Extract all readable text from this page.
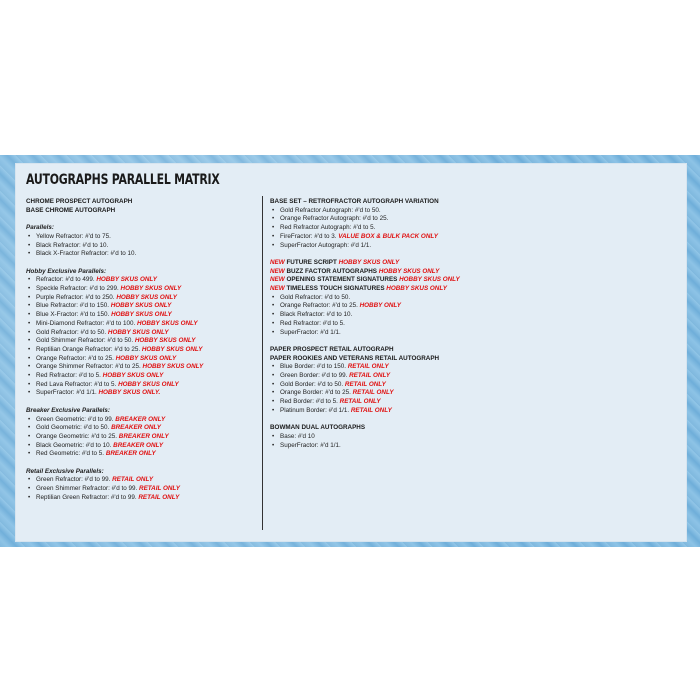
AUTOGRAPHS PARALLEL MATRIX
CHROME PROSPECT AUTOGRAPH
BASE CHROME AUTOGRAPH
Parallels:
• Yellow Refractor: #'d to 75.
• Black Refractor: #'d to 10.
• Black X-Fractor Refractor: #'d to 10.
Hobby Exclusive Parallels:
• Refractor: #'d to 499. HOBBY SKUS ONLY
• Speckle Refractor: #'d to 299. HOBBY SKUS ONLY
• Purple Refractor: #'d to 250. HOBBY SKUS ONLY
• Blue Refractor: #'d to 150. HOBBY SKUS ONLY
• Blue X-Fractor: #'d to 150. HOBBY SKUS ONLY
• Mini-Diamond Refractor: #'d to 100. HOBBY SKUS ONLY
• Gold Refractor: #'d to 50. HOBBY SKUS ONLY
• Gold Shimmer Refractor: #'d to 50. HOBBY SKUS ONLY
• Reptilian Orange Refractor: #'d to 25. HOBBY SKUS ONLY
• Orange Refractor: #'d to 25. HOBBY SKUS ONLY
• Orange Shimmer Refractor: #'d to 25. HOBBY SKUS ONLY
• Red Refractor: #'d to 5. HOBBY SKUS ONLY
• Red Lava Refractor: #'d to 5. HOBBY SKUS ONLY
• SuperFractor: #'d 1/1. HOBBY SKUS ONLY.
Breaker Exclusive Parallels:
• Green Geometric: #'d to 99. BREAKER ONLY
• Gold Geometric: #'d to 50. BREAKER ONLY
• Orange Geometric: #'d to 25. BREAKER ONLY
• Black Geometric: #'d to 10. BREAKER ONLY
• Red Geometric: #'d to 5. BREAKER ONLY
Retail Exclusive Parallels:
• Green Refractor: #'d to 99. RETAIL ONLY
• Green Shimmer Refractor: #'d to 99. RETAIL ONLY
• Reptilian Green Refractor: #'d to 99. RETAIL ONLY
BASE SET – RETROFRACTOR AUTOGRAPH VARIATION
• Gold Refractor Autograph: #'d to 50.
• Orange Refractor Autograph: #'d to 25.
• Red Refractor Autograph: #'d to 5.
• FireFractor: #'d to 3. VALUE BOX & BULK PACK ONLY
• SuperFractor Autograph: #'d 1/1.
NEW FUTURE SCRIPT HOBBY SKUS ONLY
NEW BUZZ FACTOR AUTOGRAPHS HOBBY SKUS ONLY
NEW OPENING STATEMENT SIGNATURES HOBBY SKUS ONLY
NEW TIMELESS TOUCH SIGNATURES HOBBY SKUS ONLY
• Gold Refractor: #'d to 50.
• Orange Refractor: #'d to 25. HOBBY ONLY
• Black Refractor: #'d to 10.
• Red Refractor: #'d to 5.
• SuperFractor: #'d 1/1.
PAPER PROSPECT RETAIL AUTOGRAPH
PAPER ROOKIES AND VETERANS RETAIL AUTOGRAPH
• Blue Border: #'d to 150. RETAIL ONLY
• Green Border: #'d to 99. RETAIL ONLY
• Gold Border: #'d to 50. RETAIL ONLY
• Orange Border: #'d to 25. RETAIL ONLY
• Red Border: #'d to 5. RETAIL ONLY
• Platinum Border: #'d 1/1. RETAIL ONLY
BOWMAN DUAL AUTOGRAPHS
• Base: #'d 10
• SuperFractor: #'d 1/1.
